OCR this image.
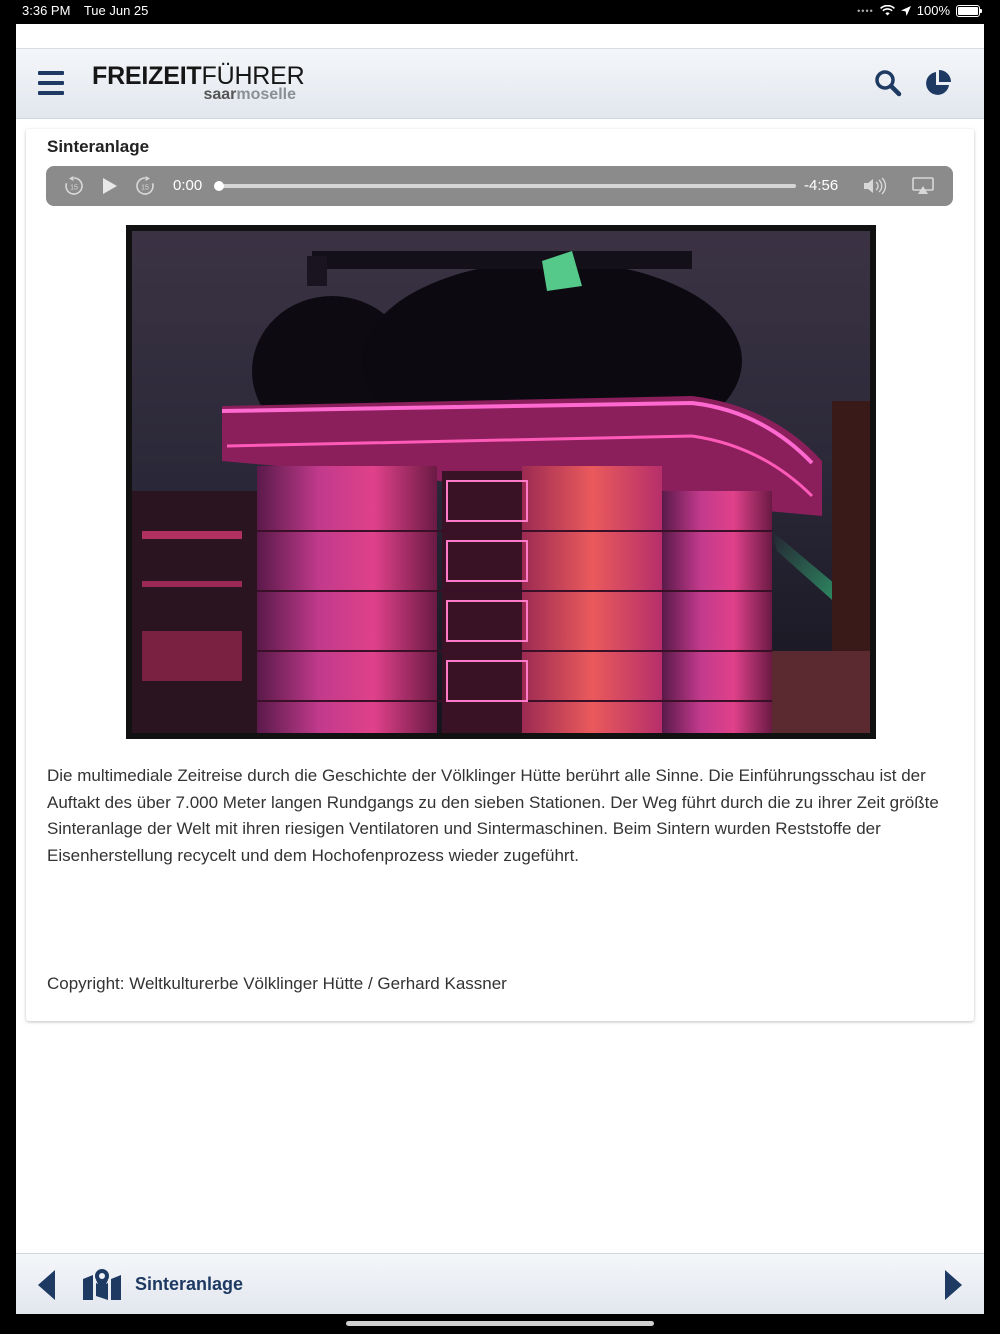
3:36 PM Tue Jun 25	••••	100%
FREIZEITFÜHRER
saarmoselle
Sinteranlage
15	15 0:00	-4:56
Die multimediale Zeitreise durch die Geschichte der Völklinger Hütte berührt alle Sinne. Die Einführungsschau ist der Auftakt des über 7.000 Meter langen Rundgangs zu den sieben Stationen. Der Weg führt durch die zu ihrer Zeit größte Sinteranlage der Welt mit ihren riesigen Ventilatoren und Sintermaschinen. Beim Sintern wurden Reststoffe der Eisenherstellung recycelt und dem Hochofenprozess wieder zugeführt.
Copyright: Weltkulturerbe Völklinger Hütte / Gerhard Kassner
Sinteranlage
